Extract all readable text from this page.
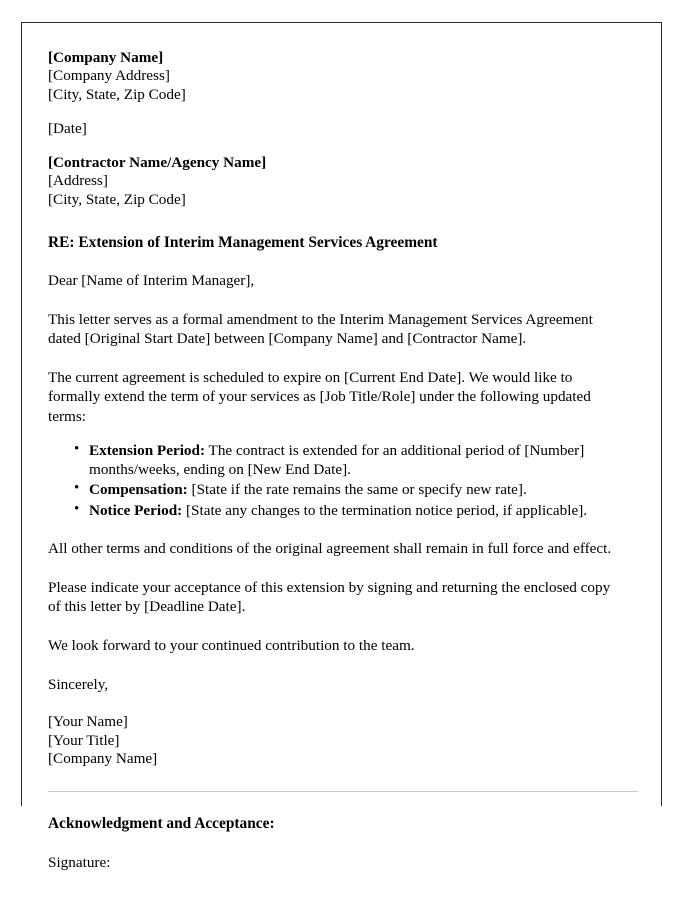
[Company Name]
[Company Address]
[City, State, Zip Code]
[Date]
[Contractor Name/Agency Name]
[Address]
[City, State, Zip Code]
RE: Extension of Interim Management Services Agreement
Dear [Name of Interim Manager],
This letter serves as a formal amendment to the Interim Management Services Agreement dated [Original Start Date] between [Company Name] and [Contractor Name].
The current agreement is scheduled to expire on [Current End Date]. We would like to formally extend the term of your services as [Job Title/Role] under the following updated terms:
• Extension Period: The contract is extended for an additional period of [Number] months/weeks, ending on [New End Date].
• Compensation: [State if the rate remains the same or specify new rate].
• Notice Period: [State any changes to the termination notice period, if applicable].
All other terms and conditions of the original agreement shall remain in full force and effect.
Please indicate your acceptance of this extension by signing and returning the enclosed copy of this letter by [Deadline Date].
We look forward to your continued contribution to the team.
Sincerely,
[Your Name]
[Your Title]
[Company Name]
Acknowledgment and Acceptance:
Signature:
